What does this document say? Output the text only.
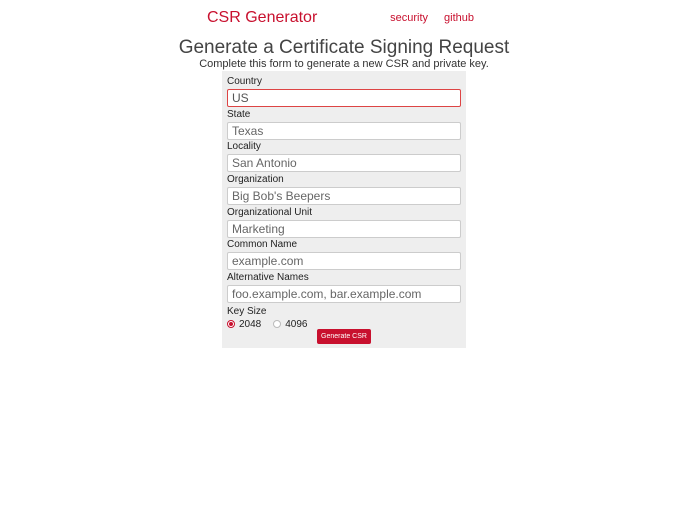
CSR Generator	security github
Generate a Certificate Signing Request

Complete this form to generate a new CSR and private key.

Country
US
State
Texas
Locality
San Antonio
Organization
Big Bob's Beepers
Organizational Unit
Marketing
Common Name
example.com
Alternative Names
foo.example.com, bar.example.com
Key Size
2048 4096
Generate CSR
